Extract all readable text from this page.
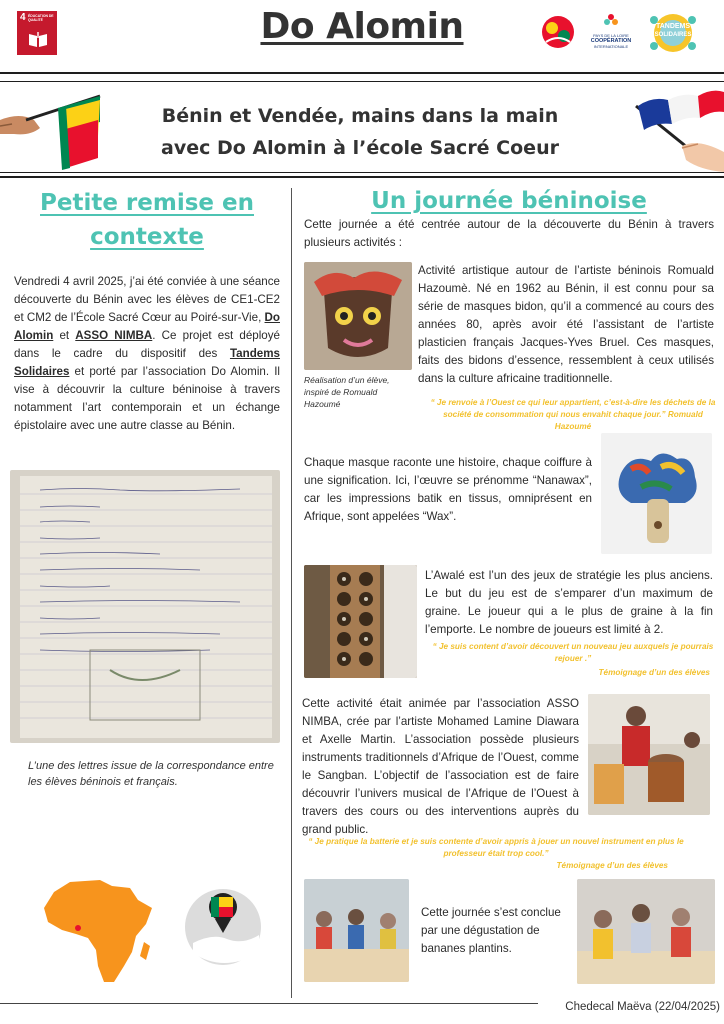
4 ÉDUCATION DE QUALITÉ	Do Alomin	PAYS DE LA LOIRE
COOPÉRATION
INTERNATIONALE
TANDEMS
SOLIDAIRES
Bénin et Vendée, mains dans la main
avec Do Alomin à l’école Sacré Coeur
Petite remise en
contexte
Vendredi 4 avril 2025, j’ai été conviée à une séance découverte du Bénin avec les élèves de CE1-CE2 et CM2 de l’École Sacré Cœur au Poiré-sur-Vie, Do Alomin et ASSO NIMBA. Ce projet est déployé dans le cadre du dispositif des Tandems Solidaires et porté par l’association Do Alomin. Il vise à découvrir la culture béninoise à travers notamment l’art contemporain et un échange épistolaire avec une autre classe au Bénin.
L’une des lettres issue de la correspondance entre les élèves béninois et français.
Un journée béninoise
Cette journée a été centrée autour de la découverte du Bénin à travers plusieurs activités :
Réalisation d’un élève, inspiré de Romuald Hazoumé
Activité artistique autour de l’artiste béninois Romuald Hazoumè. Né en 1962 au Bénin, il est connu pour sa série de masques bidon, qu’il a commencé au cours des années 80, après avoir été l’assistant de l’artiste plasticien français Jacques-Yves Bruel. Ces masques, faits des bidons d’essence, ressemblent à ceux utilisés dans la culture africaine traditionnelle.
“ Je renvoie à l’Ouest ce qui leur appartient, c’est-à-dire les déchets de la société de consommation qui nous envahit chaque jour.” Romuald Hazoumé
Chaque masque raconte une histoire, chaque coiffure à une signification. Ici, l’œuvre se prénomme “Nanawax”, car les impressions batik en tissus, omniprésent en Afrique, sont appelées “Wax”.
L’Awalé est l’un des jeux de stratégie les plus anciens. Le but du jeu est de s’emparer d’un maximum de graine. Le joueur qui a le plus de graine à la fin l’emporte. Le nombre de joueurs est limité à 2.
“ Je suis content d’avoir découvert un nouveau jeu auxquels je pourrais rejouer .”
Témoignage d’un des élèves
Cette activité était animée par l’association ASSO NIMBA, crée par l’artiste Mohamed Lamine Diawara et Axelle Martin. L’association possède plusieurs instruments traditionnels d’Afrique de l’Ouest, comme le Sangban. L’objectif de l’association est de faire découvrir l’univers musical de l’Afrique de l’Ouest à travers des cours ou des interventions auprès du grand public.
“ Je pratique la batterie et je suis contente d’avoir appris à jouer un nouvel instrument en plus le professeur était trop cool.”
Témoignage d’un des élèves
Cette journée s’est conclue par une dégustation de bananes plantins.
Chedecal Maëva (22/04/2025)
